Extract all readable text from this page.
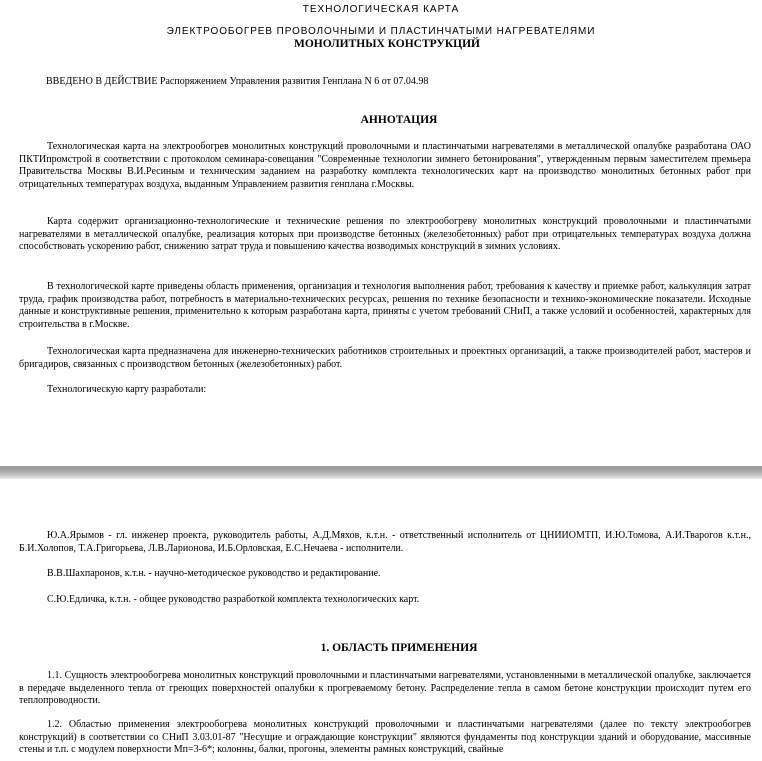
ТЕХНОЛОГИЧЕСКАЯ КАРТА
ЭЛЕКТРООБОГРЕВ ПРОВОЛОЧНЫМИ И ПЛАСТИНЧАТЫМИ НАГРЕВАТЕЛЯМИ
МОНОЛИТНЫХ КОНСТРУКЦИЙ
ВВЕДЕНО В ДЕЙСТВИЕ Распоряжением Управления развития Генплана N 6 от 07.04.98
АННОТАЦИЯ

Технологическая карта на электрообогрев монолитных конструкций проволочными и пластинчатыми нагревателями в металлической опалубке разработана ОАО ПКТИпромстрой в соответствии с протоколом семинара-совещания "Современные технологии зимнего бетонирования", утвержденным первым заместителем премьера Правительства Москвы В.И.Ресиным и техническим заданием на разработку комплекта технологических карт на производство монолитных бетонных работ при отрицательных температурах воздуха, выданным Управлением развития генплана г.Москвы.

Карта содержит организационно-технологические и технические решения по электрообогреву монолитных конструкций проволочными и пластинчатыми нагревателями в металлической опалубке, реализация которых при производстве бетонных (железобетонных) работ при отрицательных температурах воздуха должна способствовать ускорению работ, снижению затрат труда и повышению качества возводимых конструкций в зимних условиях.

В технологической карте приведены область применения, организация и технология выполнения работ, требования к качеству и приемке работ, калькуляция затрат труда, график производства работ, потребность в материально-технических ресурсах, решения по технике безопасности и технико-экономические показатели. Исходные данные и конструктивные решения, применительно к которым разработана карта, приняты с учетом требований СНиП, а также условий и особенностей, характерных для строительства в г.Москве.

Технологическая карта предназначена для инженерно-технических работников строительных и проектных организаций, а также производителей работ, мастеров и бригадиров, связанных с производством бетонных (железобетонных) работ.

Технологическую карту разработали:

Ю.А.Ярымов - гл. инженер проекта, руководитель работы, А.Д.Мяхов, к.т.н. - ответственный исполнитель от ЦНИИОМТП, И.Ю.Томова, А.И.Тварогов к.т.н., Б.И.Холопов, Т.А.Григорьева, Л.В.Ларионова, И.Б.Орловская, Е.С.Нечаева - исполнители.

В.В.Шахпаронов, к.т.н. - научно-методическое руководство и редактирование.
С.Ю.Едличка, к.т.н. - общее руководство разработкой комплекта технологических карт.
1. ОБЛАСТЬ ПРИМЕНЕНИЯ

1.1. Сущность электрообогрева монолитных конструкций проволочными и пластинчатыми нагревателями, установленными в металлической опалубке, заключается в передаче выделенного тепла от греющих поверхностей опалубки к прогреваемому бетону. Распределение тепла в самом бетоне конструкции происходит путем его теплопроводности.

1.2. Областью применения электрообогрева монолитных конструкций проволочными и пластинчатыми нагревателями (далее по тексту электрообогрев конструкций) в соответствии со СНиП 3.03.01-87 "Несущие и ограждающие конструкции" являются фундаменты под конструкции зданий и оборудование, массивные стены и т.п. с модулем поверхности Мп=3-6*; колонны, балки, прогоны, элементы рамных конструкций, свайные
